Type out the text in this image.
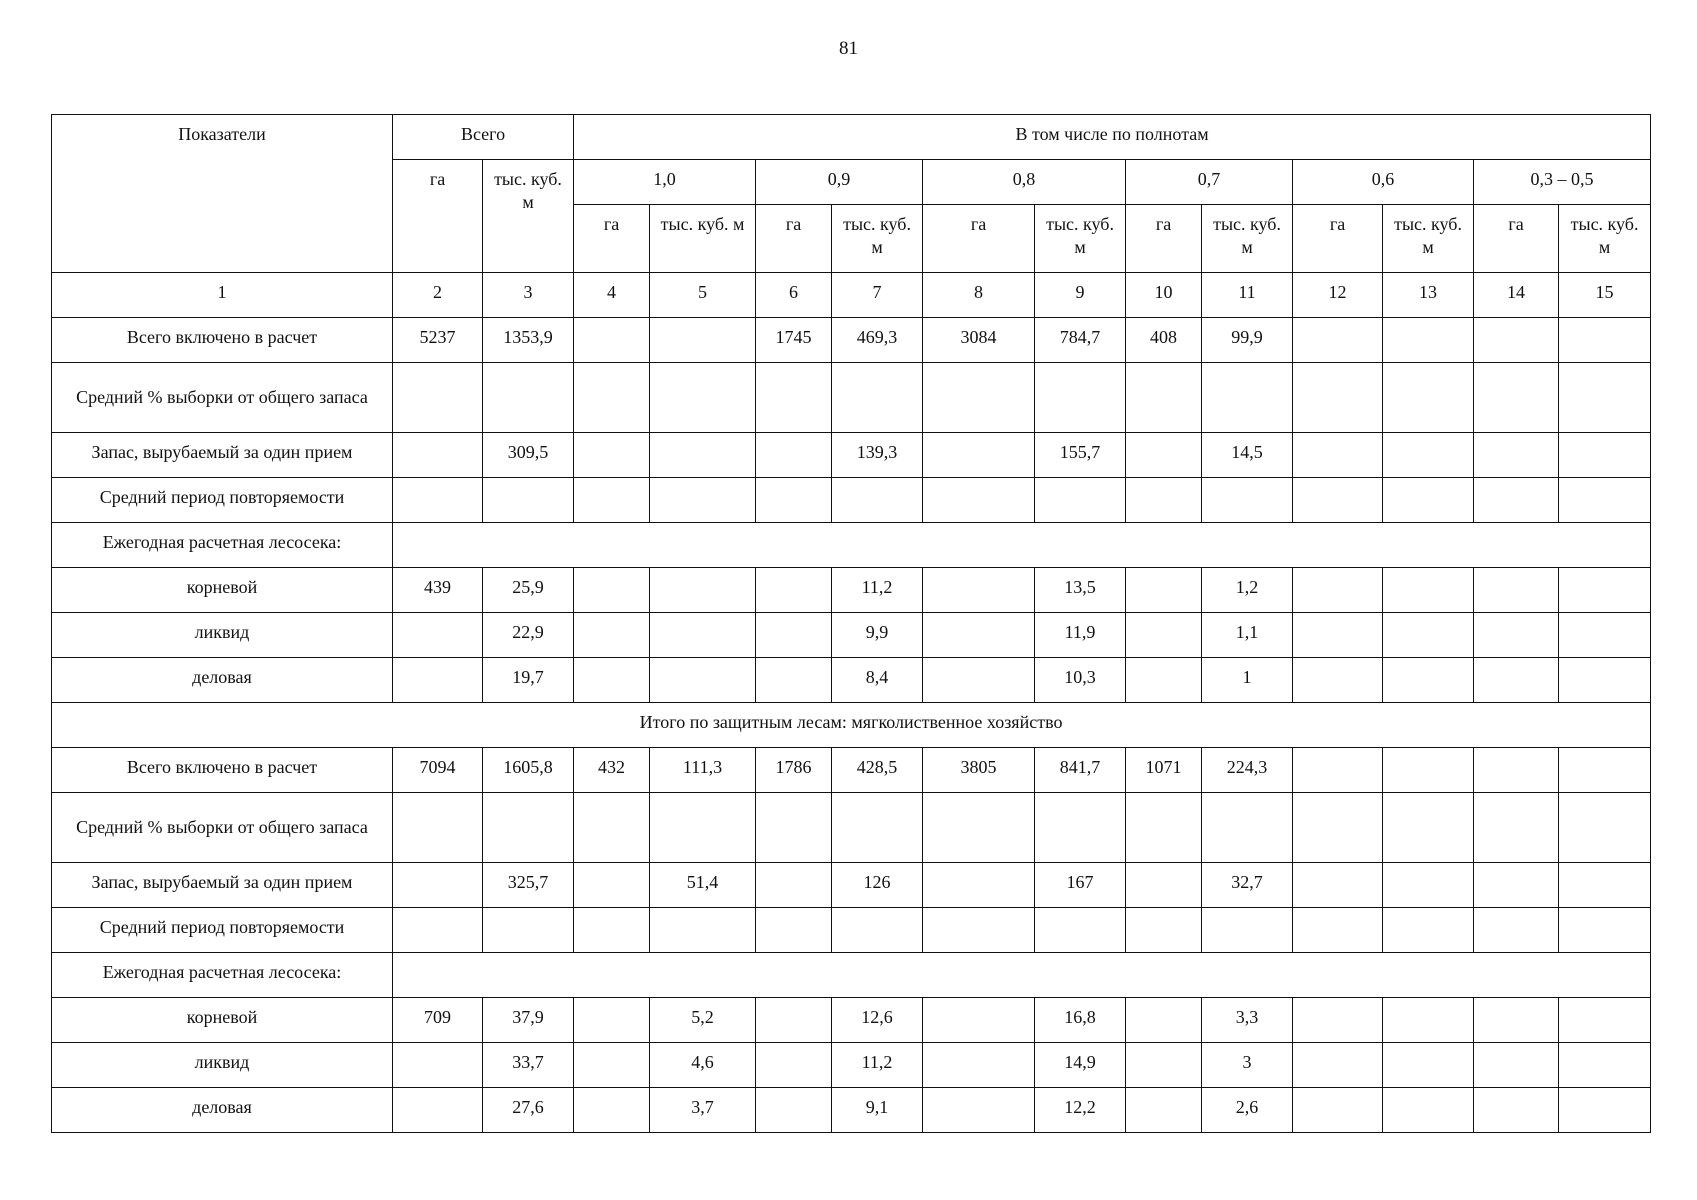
81
Показатели	Всего		В том числе по полнотам											
	га	тыс. куб. м	1,0		0,9		0,8		0,7		0,6		0,3 – 0,5	
			га	тыс. куб. м	га	тыс. куб. м	га	тыс. куб. м	га	тыс. куб. м	га	тыс. куб. м	га	тыс. куб. м
1	2	3	4	5	6	7	8	9	10	11	12	13	14	15
Всего включено в расчет	5237	1353,9			1745	469,3	3084	784,7	408	99,9				
Средний % выборки от общего запаса														
Запас, вырубаемый за один прием		309,5				139,3		155,7		14,5				
Средний период повторяемости														
Ежегодная расчетная лесосека:														
корневой	439	25,9				11,2		13,5		1,2				
ликвид		22,9				9,9		11,9		1,1				
деловая		19,7				8,4		10,3		1				
Итого по защитным лесам: мягколиственное хозяйство														
Всего включено в расчет	7094	1605,8	432	111,3	1786	428,5	3805	841,7	1071	224,3				
Средний % выборки от общего запаса														
Запас, вырубаемый за один прием		325,7		51,4		126		167		32,7				
Средний период повторяемости														
Ежегодная расчетная лесосека:														
корневой	709	37,9		5,2		12,6		16,8		3,3				
ликвид		33,7		4,6		11,2		14,9		3				
деловая		27,6		3,7		9,1		12,2		2,6				
